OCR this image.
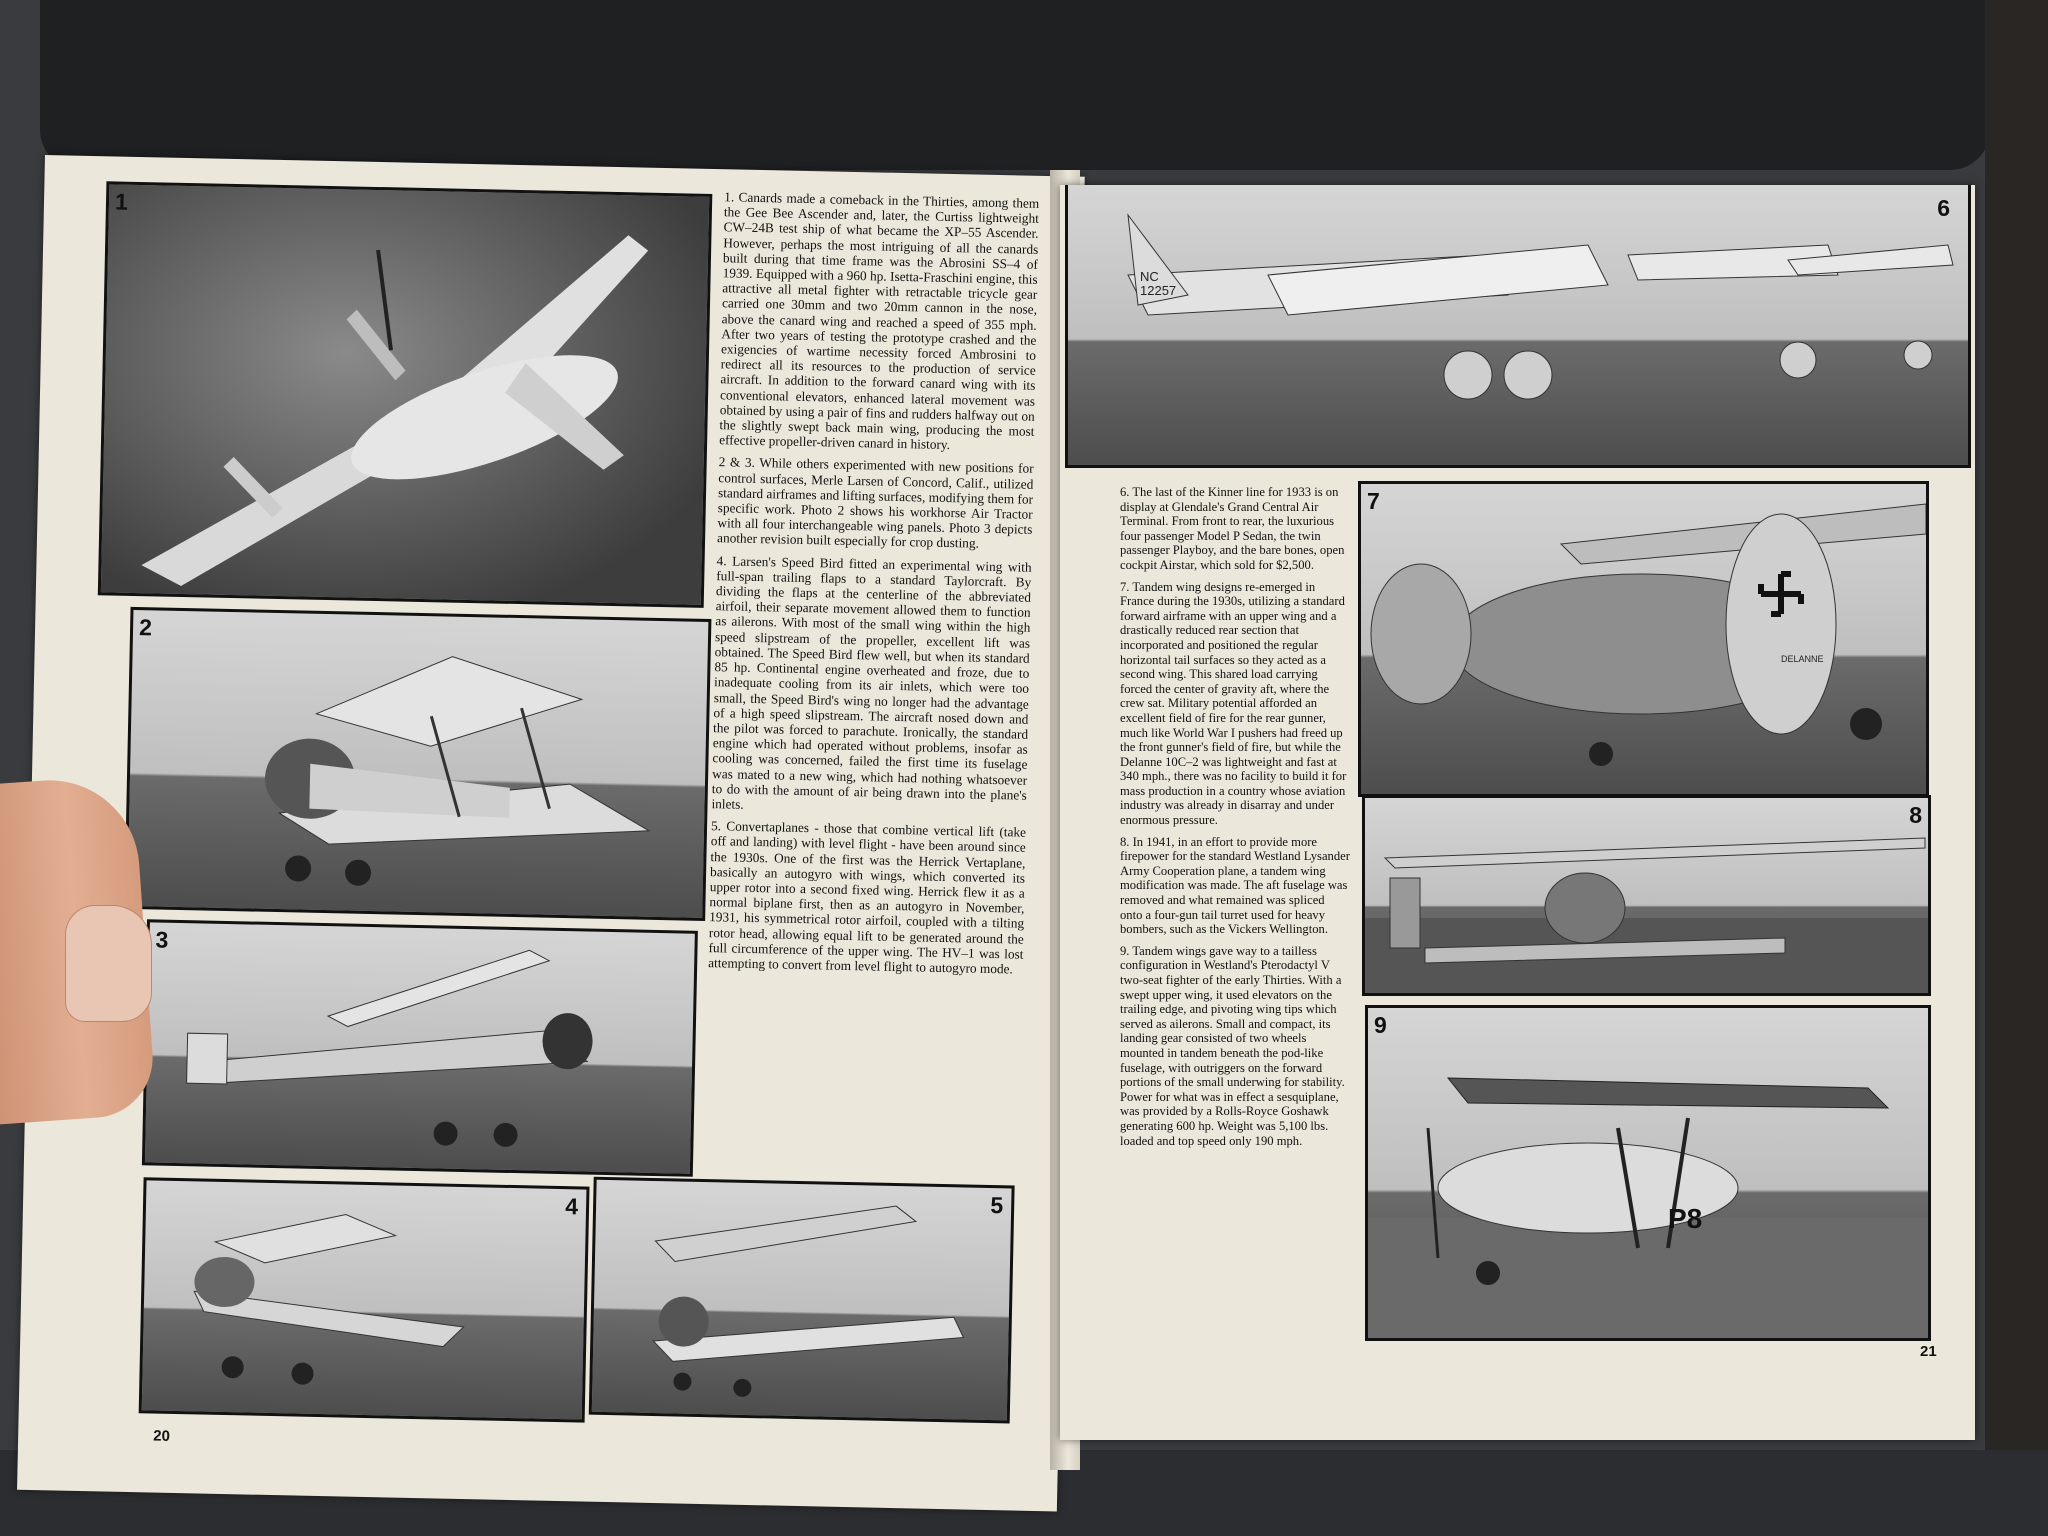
1
2
3
4	5

1. Canards made a comeback in the Thirties, among them the Gee Bee Ascender and, later, the Curtiss lightweight CW–24B test ship of what became the XP–55 Ascender. However, perhaps the most intriguing of all the canards built during that time frame was the Abrosini SS–4 of 1939. Equipped with a 960 hp. Isetta-Fraschini engine, this attractive all metal fighter with retractable tricycle gear carried one 30mm and two 20mm cannon in the nose, above the canard wing and reached a speed of 355 mph. After two years of testing the prototype crashed and the exigencies of wartime necessity forced Ambrosini to redirect all its resources to the production of service aircraft. In addition to the forward canard wing with its conventional elevators, enhanced lateral movement was obtained by using a pair of fins and rudders halfway out on the slightly swept back main wing, producing the most effective propeller-driven canard in history.

2 & 3. While others experimented with new positions for control surfaces, Merle Larsen of Concord, Calif., utilized standard airframes and lifting surfaces, modifying them for specific work. Photo 2 shows his workhorse Air Tractor with all four interchangeable wing panels. Photo 3 depicts another revision built especially for crop dusting.

4. Larsen's Speed Bird fitted an experimental wing with full-span trailing flaps to a standard Taylorcraft. By dividing the flaps at the centerline of the abbreviated airfoil, their separate movement allowed them to function as ailerons. With most of the small wing within the high speed slipstream of the propeller, excellent lift was obtained. The Speed Bird flew well, but when its standard 85 hp. Continental engine overheated and froze, due to inadequate cooling from its air inlets, which were too small, the Speed Bird's wing no longer had the advantage of a high speed slipstream. The aircraft nosed down and the pilot was forced to parachute. Ironically, the standard engine which had operated without problems, insofar as cooling was concerned, failed the first time its fuselage was mated to a new wing, which had nothing whatsoever to do with the amount of air being drawn into the plane's inlets.

5. Convertaplanes - those that combine vertical lift (take off and landing) with level flight - have been around since the 1930s. One of the first was the Herrick Vertaplane, basically an autogyro with wings, which converted its upper rotor into a second fixed wing. Herrick flew it as a normal biplane first, then as an autogyro in November, 1931, his symmetrical rotor airfoil, coupled with a tilting rotor head, allowing equal lift to be generated around the full circumference of the upper wing. The HV–1 was lost attempting to convert from level flight to autogyro mode.

20
NC 12257
6

6. The last of the Kinner line for 1933 is on display at Glendale's Grand Central Air Terminal. From front to rear, the luxurious four passenger Model P Sedan, the twin passenger Playboy, and the bare bones, open cockpit Airstar, which sold for $2,500.

7. Tandem wing designs re-emerged in France during the 1930s, utilizing a standard forward airframe with an upper wing and a drastically reduced rear section that incorporated and positioned the regular horizontal tail surfaces so they acted as a second wing. This shared load carrying forced the center of gravity aft, where the crew sat. Military potential afforded an excellent field of fire for the rear gunner, much like World War I pushers had freed up the front gunner's field of fire, but while the Delanne 10C–2 was lightweight and fast at 340 mph., there was no facility to build it for mass production in a country whose aviation industry was already in disarray and under enormous pressure.

8. In 1941, in an effort to provide more firepower for the standard Westland Lysander Army Cooperation plane, a tandem wing modification was made. The aft fuselage was removed and what remained was spliced onto a four-gun tail turret used for heavy bombers, such as the Vickers Wellington.

9. Tandem wings gave way to a tailless configuration in Westland's Pterodactyl V two-seat fighter of the early Thirties. With a swept upper wing, it used elevators on the trailing edge, and pivoting wing tips which served as ailerons. Small and compact, its landing gear consisted of two wheels mounted in tandem beneath the pod-like fuselage, with outriggers on the forward portions of the small underwing for stability. Power for what was in effect a sesquiplane, was provided by a Rolls-Royce Goshawk generating 600 hp. Weight was 5,100 lbs. loaded and top speed only 190 mph.

DELANNE
7
8
P8
9
21
